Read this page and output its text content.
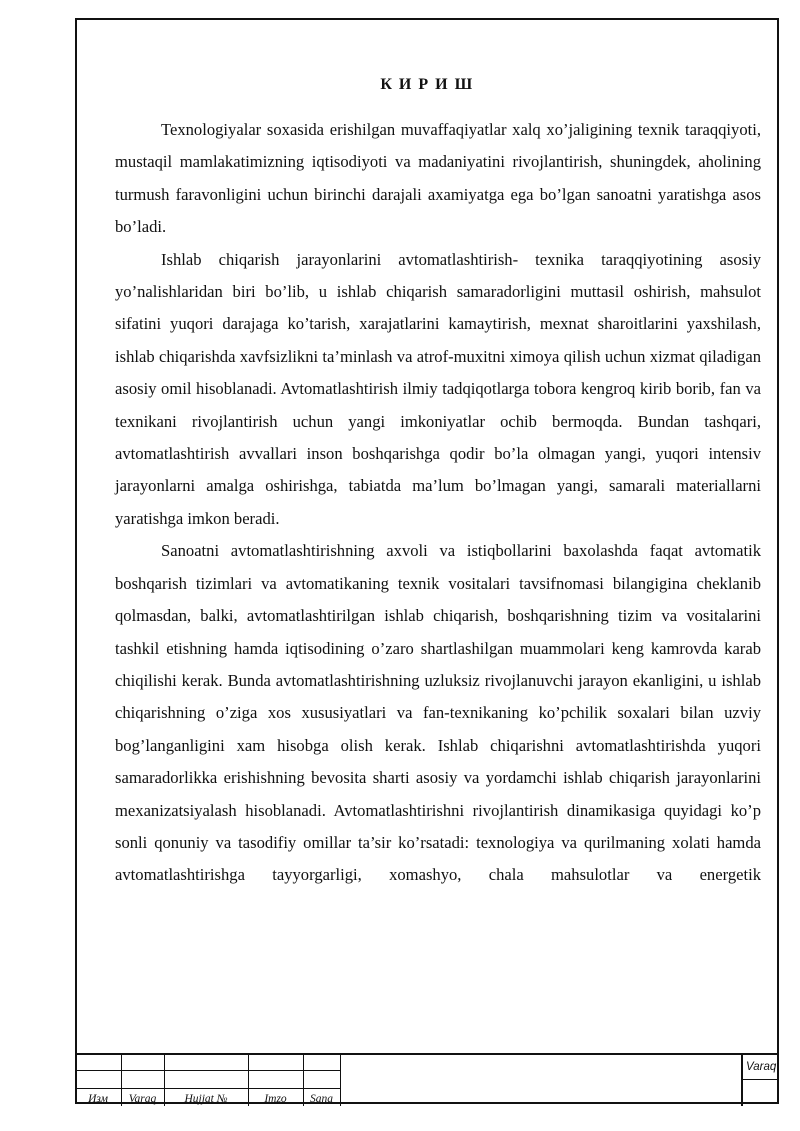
К И Р И Ш

Texnologiyalar soxasida erishilgan muvaffaqiyatlar xalq xo’jaligining texnik taraqqiyoti, mustaqil mamlakatimizning iqtisodiyoti va madaniyatini rivojlantirish, shuningdek, aholining turmush faravonligini uchun birinchi darajali axamiyatga ega bo’lgan sanoatni yaratishga asos bo’ladi.

Ishlab chiqarish jarayonlarini avtomatlashtirish- texnika taraqqiyotining asosiy yo’nalishlaridan biri bo’lib, u ishlab chiqarish samaradorligini muttasil oshirish, mahsulot sifatini yuqori darajaga ko’tarish, xarajatlarini kamaytirish, mexnat sharoitlarini yaxshilash, ishlab chiqarishda xavfsizlikni ta’minlash va atrof-muxitni ximoya qilish uchun xizmat qiladigan asosiy omil hisoblanadi. Avtomatlashtirish ilmiy tadqiqotlarga tobora kengroq kirib borib, fan va texnikani rivojlantirish uchun yangi imkoniyatlar ochib bermoqda. Bundan tashqari, avtomatlashtirish avvallari inson boshqarishga qodir bo’la olmagan yangi, yuqori intensiv jarayonlarni amalga oshirishga, tabiatda ma’lum bo’lmagan yangi, samarali materiallarni yaratishga imkon beradi.

Sanoatni avtomatlashtirishning axvoli va istiqbollarini baxolashda faqat avtomatik boshqarish tizimlari va avtomatikaning texnik vositalari tavsifnomasi bilangigina cheklanib qolmasdan, balki, avtomatlashtirilgan ishlab chiqarish, boshqarishning tizim va vositalarini tashkil etishning hamda iqtisodining o’zaro shartlashilgan muammolari keng kamrovda karab chiqilishi kerak. Bunda avtomatlashtirishning uzluksiz rivojlanuvchi jarayon ekanligini, u ishlab chiqarishning o’ziga xos xususiyatlari va fan-texnikaning ko’pchilik soxalari bilan uzviy bog’langanligini xam hisobga olish kerak. Ishlab chiqarishni avtomatlashtirishda yuqori samaradorlikka erishishning bevosita sharti asosiy va yordamchi ishlab chiqarish jarayonlarini mexanizatsiyalash hisoblanadi. Avtomatlashtirishni rivojlantirish dinamikasiga quyidagi ko’p sonli qonuniy va tasodifiy omillar ta’sir ko’rsatadi: texnologiya va qurilmaning xolati hamda avtomatlashtirishga tayyorgarligi, xomashyo, chala mahsulotlar va energetik

Изм	Varaq	Hujjat №	Imzo	Sana
Varaq
